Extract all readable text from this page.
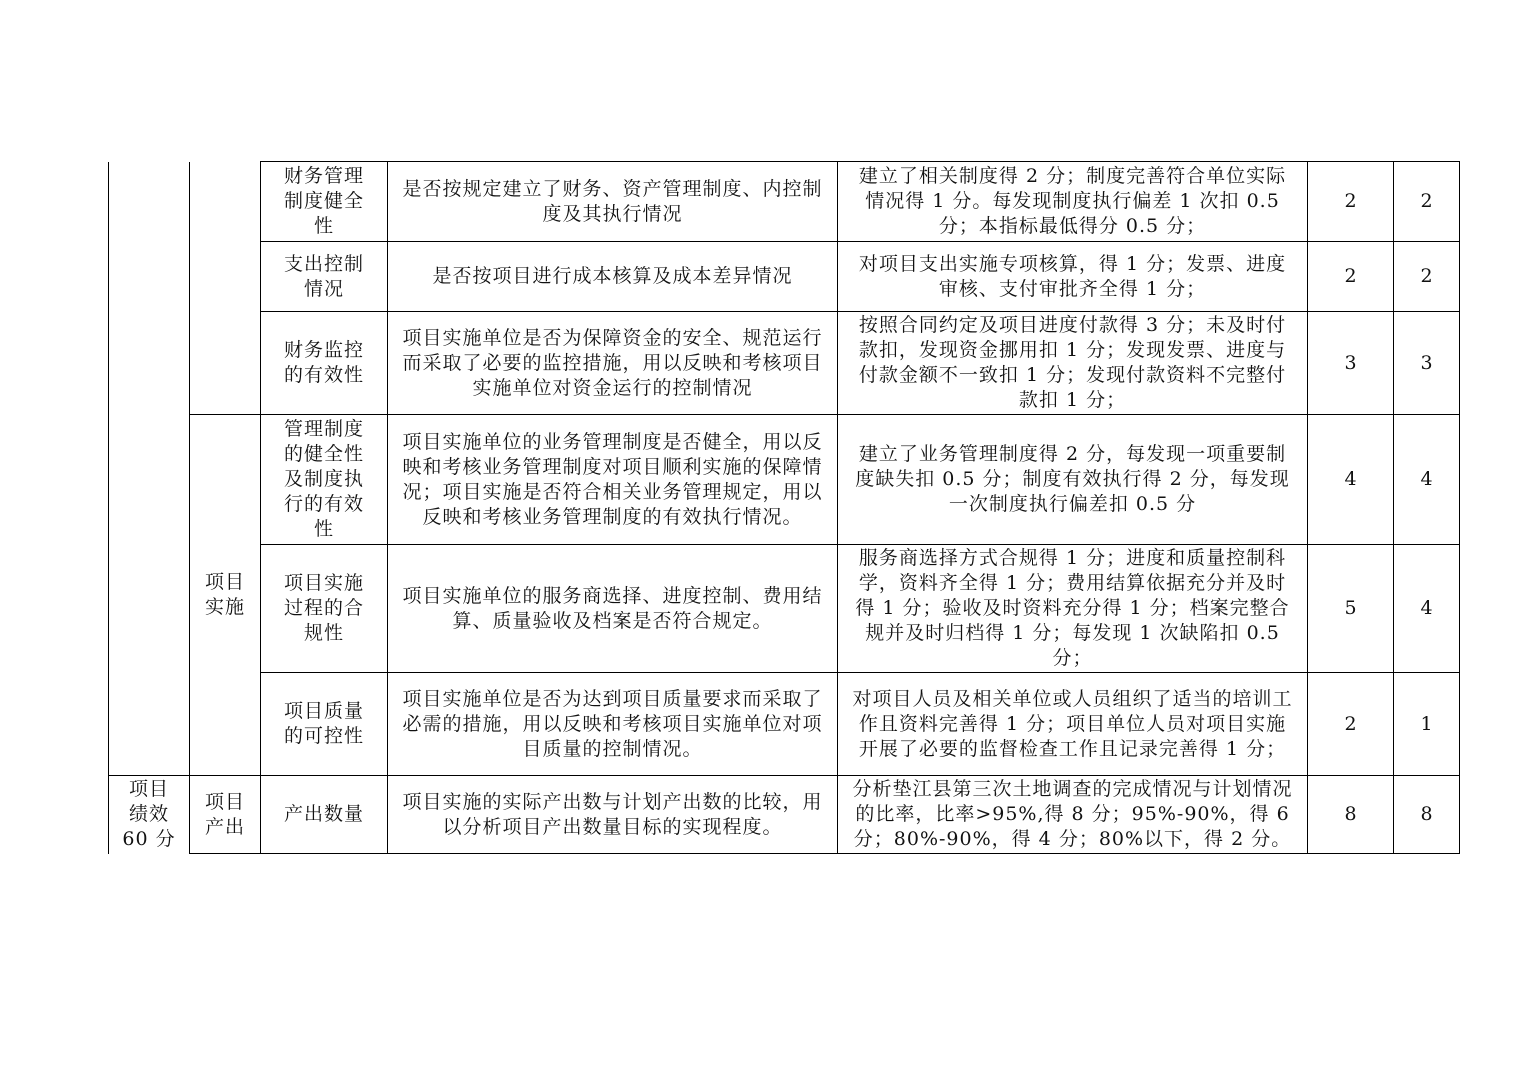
		财务管理
制度健全
性	是否按规定建立了财务、资产管理制度、内控制度及其执行情况	建立了相关制度得 2 分；制度完善符合单位实际情况得 1 分。每发现制度执行偏差 1 次扣 0.5 分；本指标最低得分 0.5 分；	2	2

		支出控制
情况	是否按项目进行成本核算及成本差异情况	对项目支出实施专项核算，得 1 分；发票、进度审核、支付审批齐全得 1 分；	2	2

		财务监控
的有效性	项目实施单位是否为保障资金的安全、规范运行而采取了必要的监控措施，用以反映和考核项目实施单位对资金运行的控制情况	按照合同约定及项目进度付款得 3 分；未及时付款扣，发现资金挪用扣 1 分；发现发票、进度与付款金额不一致扣 1 分；发现付款资料不完整付款扣 1 分；	3	3

	项目
实施	管理制度
的健全性
及制度执
行的有效
性	项目实施单位的业务管理制度是否健全，用以反映和考核业务管理制度对项目顺利实施的保障情况；项目实施是否符合相关业务管理规定，用以反映和考核业务管理制度的有效执行情况。	建立了业务管理制度得 2 分，每发现一项重要制度缺失扣 0.5 分；制度有效执行得 2 分，每发现一次制度执行偏差扣 0.5 分	4	4

		项目实施
过程的合
规性	项目实施单位的服务商选择、进度控制、费用结算、质量验收及档案是否符合规定。	服务商选择方式合规得 1 分；进度和质量控制科学，资料齐全得 1 分；费用结算依据充分并及时得 1 分；验收及时资料充分得 1 分；档案完整合规并及时归档得 1 分；每发现 1 次缺陷扣 0.5 分；	5	4

		项目质量
的可控性	项目实施单位是否为达到项目质量要求而采取了必需的措施，用以反映和考核项目实施单位对项目质量的控制情况。	对项目人员及相关单位或人员组织了适当的培训工作且资料完善得 1 分；项目单位人员对项目实施开展了必要的监督检查工作且记录完善得 1 分；	2	1

项目
绩效
60 分	项目
产出	产出数量	项目实施的实际产出数与计划产出数的比较，用以分析项目产出数量目标的实现程度。	分析垫江县第三次土地调查的完成情况与计划情况的比率，比率>95%,得 8 分；95%-90%，得 6 分；80%-90%，得 4 分；80%以下，得 2 分。	8	8
